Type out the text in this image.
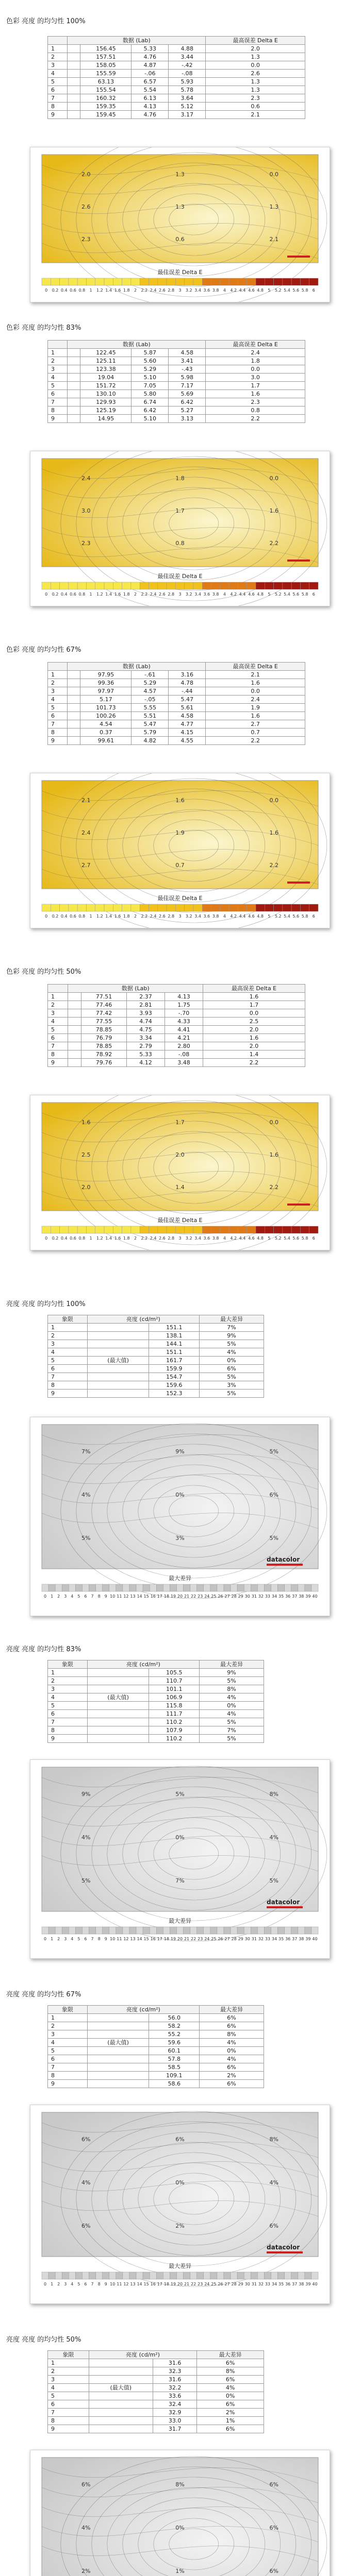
色彩 亮度 的均匀性 100%
	数据 (Lab)				最高误差 Delta E
1		156.45	5.33	4.88	2.0
2		157.51	4.76	3.44	1.3
3		158.05	4.87	-.42	0.0
4		155.59	-.06	-.08	2.6
5		63.13	6.57	5.93	1.3
6		155.54	5.54	5.78	1.3
7		160.32	6.13	3.64	2.3
8		159.35	4.13	5.12	0.6
9		159.45	4.76	3.17	2.1
2.0	1.3	0.0
2.6	1.3	1.3
2.3	0.6	2.1
最佳误差 Delta E
0 0.2 0.4 0.6 0.8 1 1.2 1.4 1.6 1.8 2 2.2 2.4 2.6 2.8 3 3.2 3.4 3.6 3.8 4 4.2 4.4 4.6 4.8 5 5.2 5.4 5.6 5.8 6
色彩 亮度 的均匀性 83%
	数据 (Lab)				最高误差 Delta E
1		122.45	5.87	4.58	2.4
2		125.11	5.60	3.41	1.8
3		123.38	5.29	-.43	0.0
4		19.04	5.10	5.98	3.0
5		151.72	7.05	7.17	1.7
6		130.10	5.80	5.69	1.6
7		129.93	6.74	6.42	2.3
8		125.19	6.42	5.27	0.8
9		14.95	5.10	3.13	2.2
2.4	1.8	0.0
3.0	1.7	1.6
2.3	0.8	2.2
最佳误差 Delta E
0 0.2 0.4 0.6 0.8 1 1.2 1.4 1.6 1.8 2 2.2 2.4 2.6 2.8 3 3.2 3.4 3.6 3.8 4 4.2 4.4 4.6 4.8 5 5.2 5.4 5.6 5.8 6
色彩 亮度 的均匀性 67%
	数据 (Lab)				最高误差 Delta E
1		97.95	-.61	3.16	2.1
2		99.36	5.29	4.78	1.6
3		97.97	4.57	-.44	0.0
4		5.17	-.05	5.47	2.4
5		101.73	5.55	5.61	1.9
6		100.26	5.51	4.58	1.6
7		4.54	5.47	4.77	2.7
8		0.37	5.79	4.15	0.7
9		99.61	4.82	4.55	2.2
2.1	1.6	0.0
2.4	1.9	1.6
2.7	0.7	2.2
最佳误差 Delta E
0 0.2 0.4 0.6 0.8 1 1.2 1.4 1.6 1.8 2 2.2 2.4 2.6 2.8 3 3.2 3.4 3.6 3.8 4 4.2 4.4 4.6 4.8 5 5.2 5.4 5.6 5.8 6
色彩 亮度 的均匀性 50%
	数据 (Lab)				最高误差 Delta E
1		77.51	2.37	4.13	1.6
2		77.46	2.81	1.75	1.7
3		77.42	3.93	-.70	0.0
4		77.55	4.74	4.33	2.5
5		78.85	4.75	4.41	2.0
6		76.79	3.34	4.21	1.6
7		78.85	2.79	2.80	2.0
8		78.92	5.33	-.08	1.4
9		79.76	4.12	3.48	2.2
1.6	1.7	0.0
2.5	2.0	1.6
2.0	1.4	2.2
最佳误差 Delta E
0 0.2 0.4 0.6 0.8 1 1.2 1.4 1.6 1.8 2 2.2 2.4 2.6 2.8 3 3.2 3.4 3.6 3.8 4 4.2 4.4 4.6 4.8 5 5.2 5.4 5.6 5.8 6
亮度 亮度 的均匀性 100%
象限	亮度 (cd/m²)		最大差异
1		151.1	7%
2		138.1	9%
3		144.1	5%
4		151.1	4%
5	(最大值)	161.7	0%
6		159.9	6%
7		154.7	5%
8		159.6	3%
9		152.3	5%
7%	9%	5%
4%	0%	6%
5%	3%	5%
datacolor
最大差异
0 1 2 3 4 5 6 7 8 9 10 11 12 13 14 15 16 17 18 19 20 21 22 23 24 25 26 27 28 29 30 31 32 33 34 35 36 37 38 39 40
亮度 亮度 的均匀性 83%
象限	亮度 (cd/m²)		最大差异
1		105.5	9%
2		110.7	5%
3		101.1	8%
4	(最大值)	106.9	4%
5		115.8	0%
6		111.7	4%
7		110.2	5%
8		107.9	7%
9		110.2	5%
9%	5%	8%
4%	0%	4%
5%	7%	5%
datacolor
最大差异
0 1 2 3 4 5 6 7 8 9 10 11 12 13 14 15 16 17 18 19 20 21 22 23 24 25 26 27 28 29 30 31 32 33 34 35 36 37 38 39 40
亮度 亮度 的均匀性 67%
象限	亮度 (cd/m²)		最大差异
1		56.0	6%
2		58.2	6%
3		55.2	8%
4	(最大值)	59.6	4%
5		60.1	0%
6		57.8	4%
7		58.5	6%
8		109.1	2%
9		58.6	6%
6%	6%	8%
4%	0%	4%
6%	2%	6%
datacolor
最大差异
0 1 2 3 4 5 6 7 8 9 10 11 12 13 14 15 16 17 18 19 20 21 22 23 24 25 26 27 28 29 30 31 32 33 34 35 36 37 38 39 40
亮度 亮度 的均匀性 50%
象限	亮度 (cd/m²)		最大差异
1		31.6	6%
2		32.3	8%
3		31.6	6%
4	(最大值)	32.2	4%
5		33.6	0%
6		32.4	6%
7		32.9	2%
8		33.0	1%
9		31.7	6%
6%	8%	6%
4%	0%	6%
2%	1%	6%
